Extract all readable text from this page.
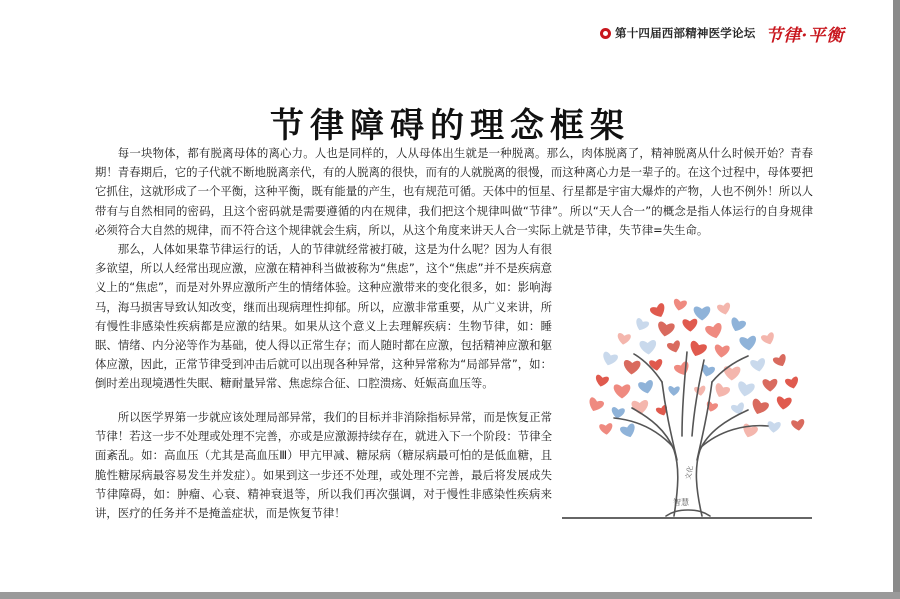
第十四届西部精神医学论坛 节律·平衡
节律障碍的理念框架

每一块物体，都有脱离母体的离心力。人也是同样的，人从母体出生就是一种脱离。那么，肉体脱离了，精神脱离从什么时候开始？青春期！青春期后，它的子代就不断地脱离亲代，有的人脱离的很快，而有的人就脱离的很慢，而这种离心力是一辈子的。在这个过程中，母体要把它抓住，这就形成了一个平衡，这种平衡，既有能量的产生，也有规范可循。天体中的恒星、行星都是宇宙大爆炸的产物，人也不例外！所以人带有与自然相同的密码，且这个密码就是需要遵循的内在规律，我们把这个规律叫做“节律”。所以“天人合一”的概念是指人体运行的自身规律必须符合大自然的规律，而不符合这个规律就会生病，所以，从这个角度来讲天人合一实际上就是节律，失节律=失生命。

那么，人体如果靠节律运行的话，人的节律就经常被打破，这是为什么呢？因为人有很多欲望，所以人经常出现应激，应激在精神科当做被称为“焦虑”，这个“焦虑”并不是疾病意义上的“焦虑”，而是对外界应激所产生的情绪体验。这种应激带来的变化很多，如：影响海马，海马损害导致认知改变，继而出现病理性抑郁。所以，应激非常重要，从广义来讲，所有慢性非感染性疾病都是应激的结果。如果从这个意义上去理解疾病：生物节律，如：睡眠、情绪、内分泌等作为基础，使人得以正常生存；而人随时都在应激，包括精神应激和躯体应激，因此，正常节律受到冲击后就可以出现各种异常，这种异常称为“局部异常”，如：倒时差出现境遇性失眠、糖耐量异常、焦虑综合征、口腔溃疡、妊娠高血压等。

所以医学界第一步就应该处理局部异常，我们的目标并非消除指标异常，而是恢复正常节律！若这一步不处理或处理不完善，亦或是应激源持续存在，就进入下一个阶段：节律全面紊乱。如：高血压（尤其是高血压Ⅲ）甲亢甲减、糖尿病（糖尿病最可怕的是低血糖，且脆性糖尿病最容易发生并发症）。如果到这一步还不处理，或处理不完善，最后将发展成失节律障碍，如：肿瘤、心衰、精神衰退等，所以我们再次强调，对于慢性非感染性疾病来讲，医疗的任务并不是掩盖症状，而是恢复节律！

智慧
文化
